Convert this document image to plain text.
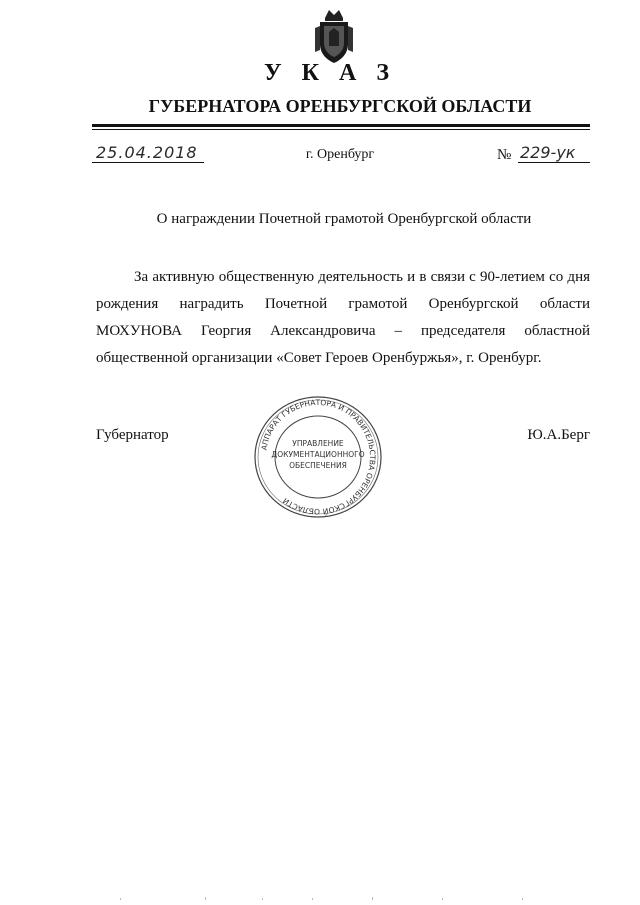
У К А З
ГУБЕРНАТОРА ОРЕНБУРГСКОЙ ОБЛАСТИ
25.04.2018	г. Оренбург	№ 229-ук
О награждении Почетной грамотой Оренбургской области
За активную общественную деятельность и в связи с 90-летием со дня рождения наградить Почетной грамотой Оренбургской области МОХУНОВА Георгия Александровича – председателя областной общественной организации «Совет Героев Оренбуржья», г. Оренбург.
Губернатор	Ю.А.Берг
АППАРАТ ГУБЕРНАТОРА И ПРАВИТЕЛЬСТВА ОРЕНБУРГСКОЙ ОБЛАСТИ
УПРАВЛЕНИЕ
ДОКУМЕНТАЦИОННОГО
ОБЕСПЕЧЕНИЯ
